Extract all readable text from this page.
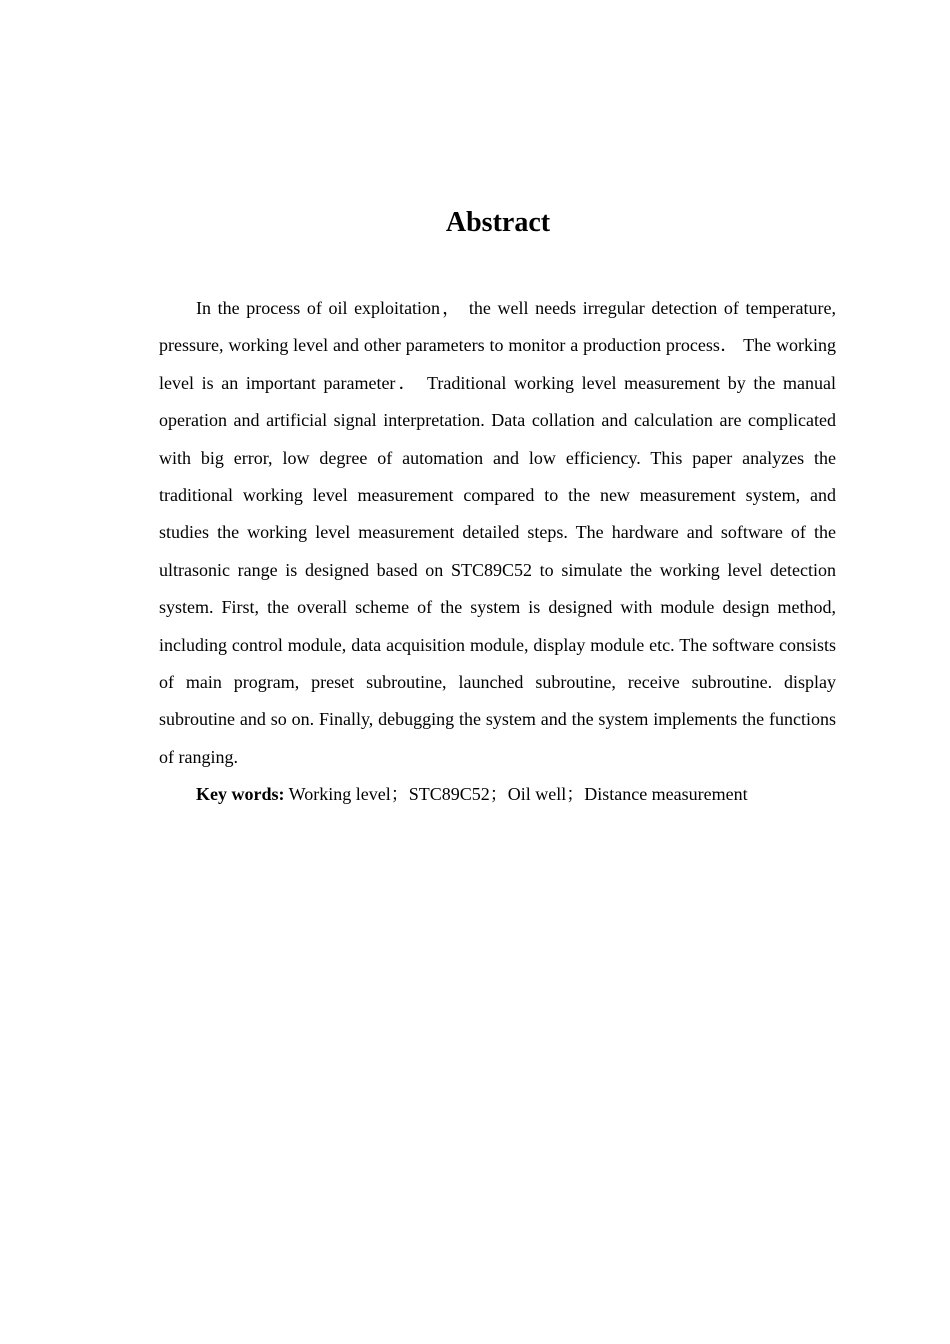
Abstract

In the process of oil exploitation， the well needs irregular detection of temperature, pressure, working level and other parameters to monitor a production process． The working level is an important parameter． Traditional working level measurement by the manual operation and artificial signal interpretation. Data collation and calculation are complicated with big error, low degree of automation and low efficiency. This paper analyzes the traditional working level measurement compared to the new measurement system, and studies the working level measurement detailed steps. The hardware and software of the ultrasonic range is designed based on STC89C52 to simulate the working level detection system. First, the overall scheme of the system is designed with module design method, including control module, data acquisition module, display module etc. The software consists of main program, preset subroutine, launched subroutine, receive subroutine. display subroutine and so on. Finally, debugging the system and the system implements the functions of ranging.

Key words: Working level；STC89C52；Oil well；Distance measurement
